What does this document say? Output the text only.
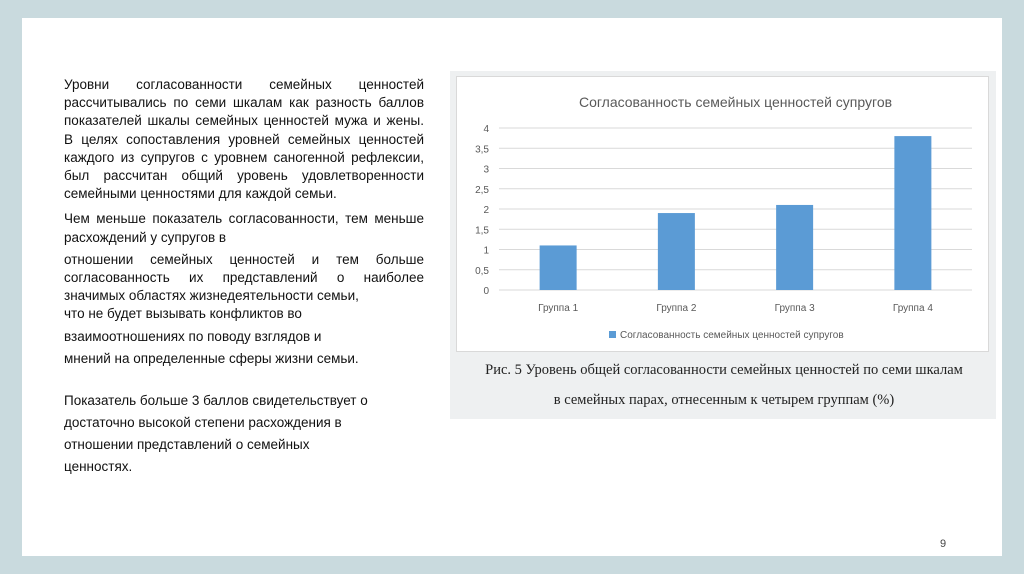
Уровни согласованности семейных ценностей рассчитывались по семи шкалам как разность баллов показателей шкалы семейных ценностей мужа и жены. В целях сопоставления уровней семейных ценностей каждого из супругов с уровнем саногенной рефлексии, был рассчитан общий уровень удовлетворенности семейными ценностями для каждой семьи.

Чем меньше показатель согласованности, тем меньше расхождений у супругов в
отношении семейных ценностей и тем больше согласованность их представлений о наиболее значимых областях жизнедеятельности семьи,
что не будет вызывать конфликтов во
взаимоотношениях по поводу взглядов и
мнений на определенные сферы жизни семьи.
Показатель больше 3 баллов свидетельствует о
достаточно высокой степени расхождения в
отношении представлений о семейных
ценностях.
Согласованность семейных ценностей супругов
0
0,5
1
1,5
2
2,5
3
3,5
4
Группа 1	Группа 2	Группа 3	Группа 4
Согласованность семейных ценностей супругов
Рис. 5 Уровень общей согласованности семейных ценностей по семи шкалам
в семейных парах, отнесенным к четырем группам (%)
9
